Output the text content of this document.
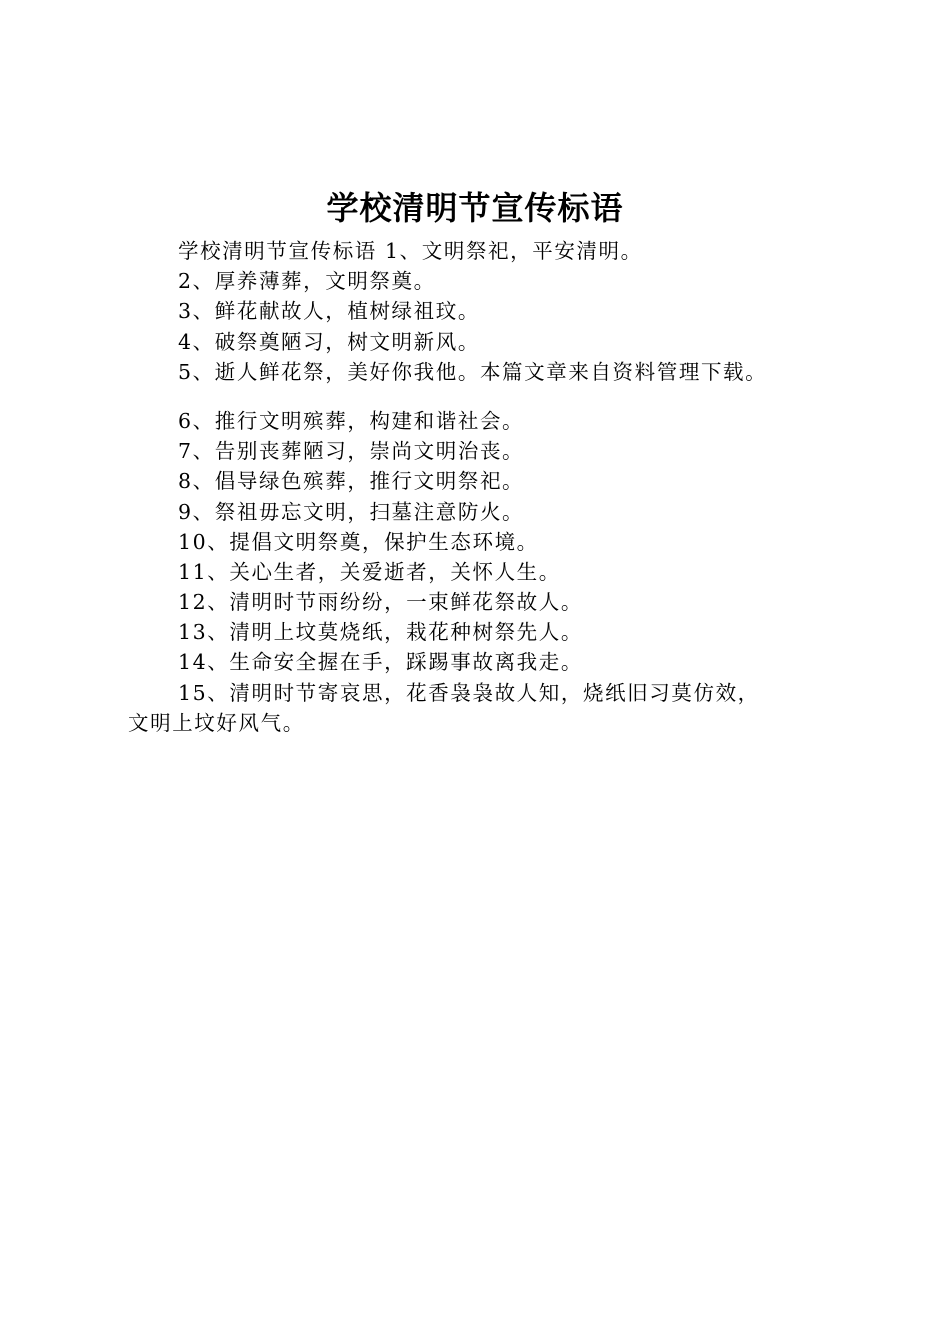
学校清明节宣传标语
学校清明节宣传标语 1、文明祭祀，平安清明。
2、厚养薄葬，文明祭奠。
3、鲜花献故人，植树绿祖玟。
4、破祭奠陋习，树文明新风。
5、逝人鲜花祭，美好你我他。本篇文章来自资料管理下载。
6、推行文明殡葬，构建和谐社会。
7、告别丧葬陋习，崇尚文明治丧。
8、倡导绿色殡葬，推行文明祭祀。
9、祭祖毋忘文明，扫墓注意防火。
10、提倡文明祭奠，保护生态环境。
11、关心生者，关爱逝者，关怀人生。
12、清明时节雨纷纷，一束鲜花祭故人。
13、清明上坟莫烧纸，栽花种树祭先人。
14、生命安全握在手，踩踢事故离我走。
15、清明时节寄哀思，花香袅袅故人知，烧纸旧习莫仿效，
文明上坟好风气。
